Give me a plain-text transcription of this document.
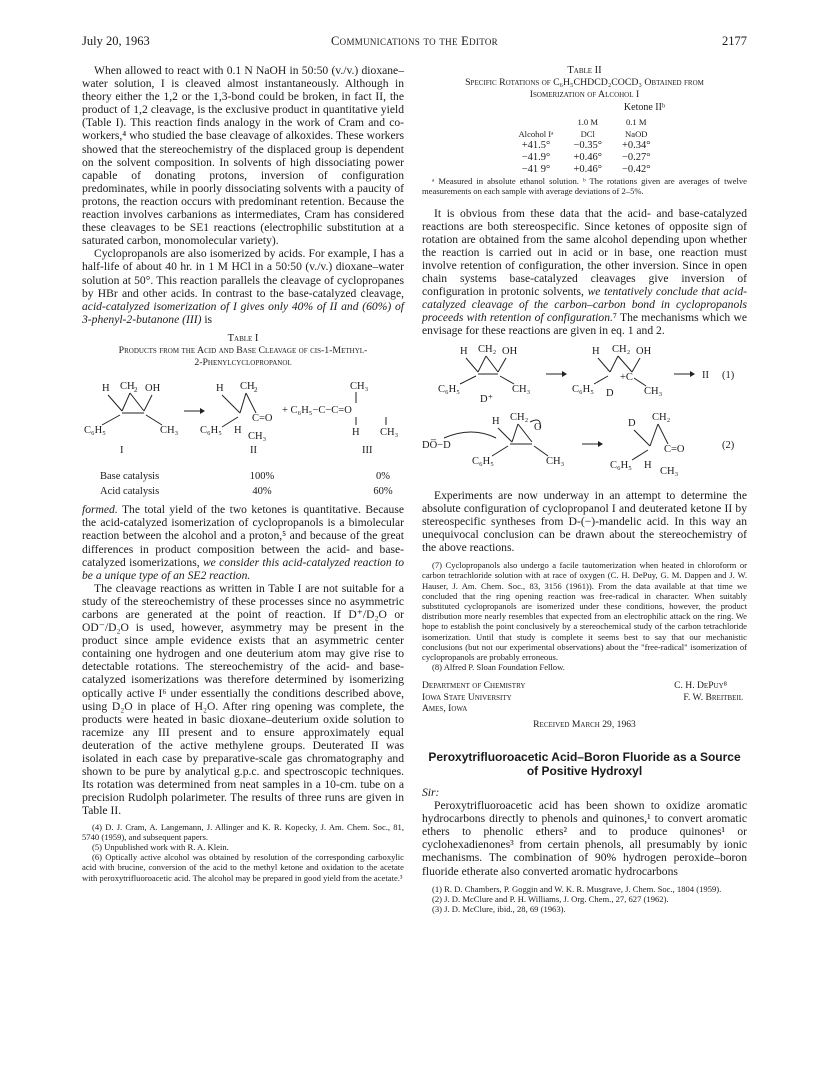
July 20, 1963	Communications to the Editor	2177

When allowed to react with 0.1 N NaOH in 50:50 (v./v.) dioxane–water solution, I is cleaved almost instantaneously. Although in theory either the 1,2 or the 1,3-bond could be broken, in fact II, the product of 1,2 cleavage, is the exclusive product in quantitative yield (Table I). This reaction finds analogy in the work of Cram and co-workers,⁴ who studied the base cleavage of alkoxides. These workers showed that the stereochemistry of the displaced group is dependent on the solvent composition. In solvents of high dissociating power capable of donating protons, inversion of configuration predominates, while in poorly dissociating solvents with a paucity of protons, the reaction occurs with predominant retention. Because the reaction involves carbanions as intermediates, Cram has considered these cleavages to be SE1 reactions (electrophilic substitution at a saturated carbon, monomolecular variety).

Cyclopropanols are also isomerized by acids. For example, I has a half-life of about 40 hr. in 1 M HCl in a 50:50 (v./v.) dioxane–water solution at 50°. This reaction parallels the cleavage of cyclopropanes by HBr and other acids. In contrast to the base-catalyzed cleavage, acid-catalyzed isomerization of I gives only 40% of II and (60%) of 3-phenyl-2-butanone (III) is

Table I
Products from the Acid and Base Cleavage of cis-1-Methyl-
2-Phenylcyclopropanol
H CH 2 OH
C₆H₅	CH₃
I
H CH 2
C=O
C₆H₅ H
CH₃
II
+ C₆H₅−C−C=O
CH₃
H CH₃
III
Base catalysis	100%	0%
Acid catalysis	40%	60%

formed. The total yield of the two ketones is quantitative. Because the acid-catalyzed isomerization of cyclopropanols is a bimolecular reaction between the alcohol and a proton,⁵ and because of the great differences in product composition between the acid- and base-catalyzed isomerizations, we consider this acid-catalyzed reaction to be a unique type of an SE2 reaction.

The cleavage reactions as written in Table I are not suitable for a study of the stereochemistry of these processes since no asymmetric carbons are generated at the point of reaction. If D⁺/D₂O or OD⁻/D₂O is used, however, asymmetry may be present in the product since ample evidence exists that an asymmetric center containing one hydrogen and one deuterium atom may give rise to detectable rotations. The stereochemistry of the acid- and base-catalyzed isomerizations was therefore determined by isomerizing optically active I⁶ under essentially the conditions described above, using D₂O in place of H₂O. After ring opening was complete, the products were heated in basic dioxane–deuterium oxide solution to racemize any III present and to ensure approximately equal deuteration of the active methylene groups. Deuterated II was isolated in each case by preparative-scale gas chromatography and shown to be pure by analytical g.p.c. and spectroscopic techniques. Its rotation was determined from neat samples in a 10-cm. tube on a precision Rudolph polarimeter. The results of three runs are given in Table II.

(4) D. J. Cram, A. Langemann, J. Allinger and K. R. Kopecky, J. Am. Chem. Soc., 81, 5740 (1959), and subsequent papers.

(5) Unpublished work with R. A. Klein.

(6) Optically active alcohol was obtained by resolution of the corresponding carboxylic acid with brucine, conversion of the acid to the methyl ketone and oxidation to the acetate with peroxytrifluoroacetic acid. The alcohol may be prepared in good yield from the acetate.³

Table II
Specific Rotations of C₆H₅CHDCD₂COCD₃ Obtained from
Isomerization of Alcohol I
Ketone IIᵇ
	1.0 M	0.1 M
Alcohol Iᵃ	DCl	NaOD
+41.5°	−0.35°	+0.34°
−41.9°	+0.46°	−0.27°
−41 9°	+0.46°	−0.42°

ᵃ Measured in absolute ethanol solution. ᵇ The rotations given are averages of twelve measurements on each sample with average deviations of 2–5%.

It is obvious from these data that the acid- and base-catalyzed reactions are both stereospecific. Since ketones of opposite sign of rotation are obtained from the same alcohol depending upon whether the reaction is carried out in acid or in base, one reaction must involve retention of configuration, the other inversion. Since in open chain systems base-catalyzed cleavages give inversion of configuration in protonic solvents, we tentatively conclude that acid-catalyzed cleavage of the carbon–carbon bond in cyclopropanols proceeds with retention of configuration.⁷ The mechanisms which we envisage for these reactions are given in eq. 1 and 2.

H CH₂ OH
C₆H₅	CH₃
D⁺
H CH₂ OH
+C
C₆H₅ D	CH₃
II (1)
H CH₂
O
DO̅−D
C₆H₅	CH₃
D
CH₂
C=O
C₆H₅ H
CH₃
(2)

Experiments are now underway in an attempt to determine the absolute configuration of cyclopropanol I and deuterated ketone II by stereospecific syntheses from D-(−)-mandelic acid. In this way an unequivocal conclusion can be drawn about the stereochemistry of the above reactions.

(7) Cyclopropanols also undergo a facile tautomerization when heated in chloroform or carbon tetrachloride solution with at race of oxygen (C. H. DePuy, G. M. Dappen and J. W. Hauser, J. Am. Chem. Soc., 83, 3156 (1961)). From the data available at that time we concluded that the ring opening reaction was free-radical in character. When suitably substituted cyclopropanols are isomerized under these conditions, however, the product distribution more nearly resembles that expected from an electrophilic attack on the ring. We hope to establish the point conclusively by a stereochemical study of the carbon tetrachloride isomerization. Until that study is complete it seems best to say that our mechanistic conclusions (but not our experimental observations) about the "free-radical" isomerization of cyclopropanols are probably erroneous.

(8) Alfred P. Sloan Foundation Fellow.

Department of Chemistry	C. H. DePuy⁸
Iowa State University	F. W. Breitbeil
Ames, Iowa
Received March 29, 1963
Peroxytrifluoroacetic Acid–Boron Fluoride as a Source of Positive Hydroxyl

Sir:

Peroxytrifluoroacetic acid has been shown to oxidize aromatic hydrocarbons directly to phenols and quinones,¹ to convert aromatic ethers to phenolic ethers² and to produce quinones¹ or cyclohexadienones³ from certain phenols, all presumably by ionic mechanisms. The combination of 90% hydrogen peroxide–boron fluoride etherate also converted aromatic hydrocarbons

(1) R. D. Chambers, P. Goggin and W. K. R. Musgrave, J. Chem. Soc., 1804 (1959).

(2) J. D. McClure and P. H. Williams, J. Org. Chem., 27, 627 (1962).

(3) J. D. McClure, ibid., 28, 69 (1963).
